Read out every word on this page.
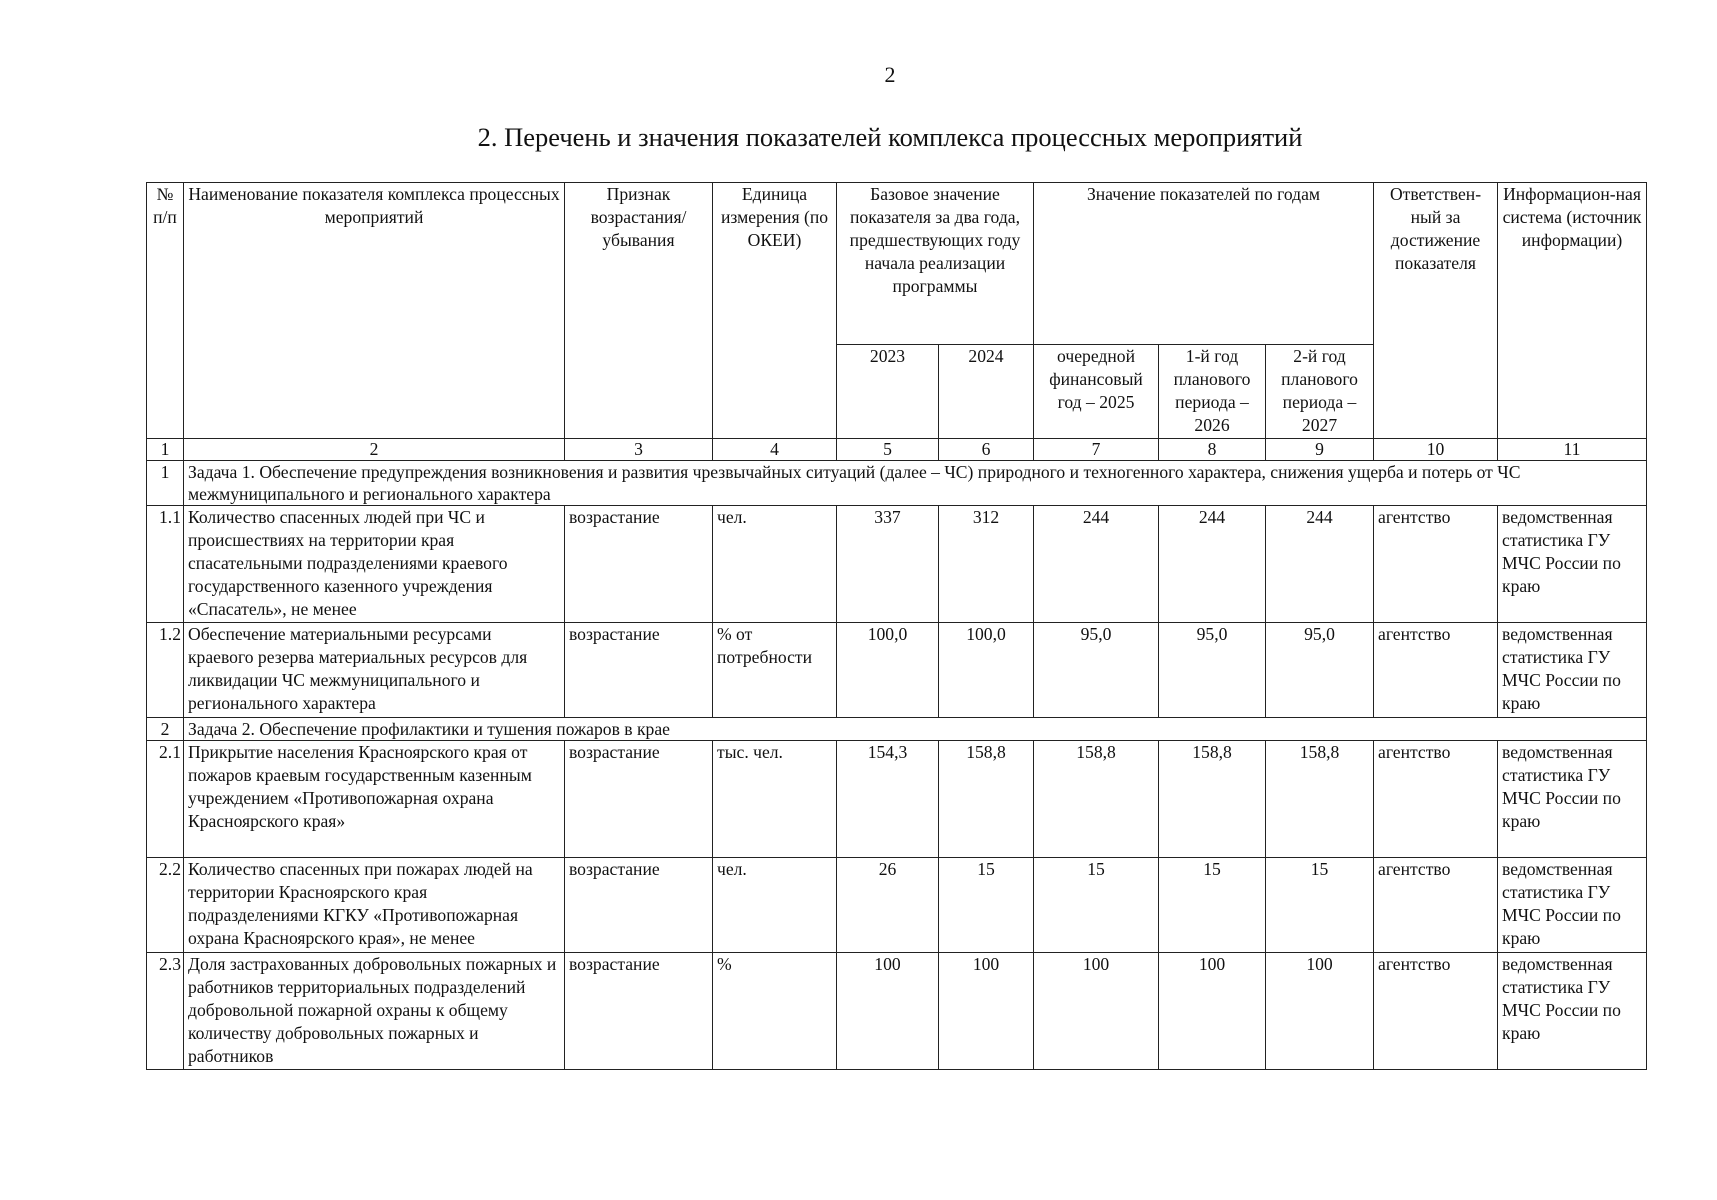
2
2. Перечень и значения показателей комплекса процессных мероприятий
№ п/п	Наименование показателя комплекса процессных мероприятий	Признак возрастания/ убывания	Единица измерения (по ОКЕИ)	Базовое значение показателя за два года, предшествующих году начала реализации программы		Значение показателей по годам			Ответствен-ный за достижение показателя	Информацион-ная система (источник информации)
				2023	2024	очередной финансовый год – 2025	1-й год планового периода – 2026	2-й год планового периода – 2027		
1	2	3	4	5	6	7	8	9	10	11
1	Задача 1. Обеспечение предупреждения возникновения и развития чрезвычайных ситуаций (далее – ЧС) природного и техногенного характера, снижения ущерба и потерь от ЧС межмуниципального и регионального характера									
1.1	Количество спасенных людей при ЧС и происшествиях на территории края спасательными подразделениями краевого государственного казенного учреждения «Спасатель», не менее	возрастание	чел.	337	312	244	244	244	агентство	ведомственная статистика ГУ МЧС России по краю
1.2	Обеспечение материальными ресурсами краевого резерва материальных ресурсов для ликвидации ЧС межмуниципального и регионального характера	возрастание	% от потребности	100,0	100,0	95,0	95,0	95,0	агентство	ведомственная статистика ГУ МЧС России по краю
2	Задача 2. Обеспечение профилактики и тушения пожаров в крае									
2.1	Прикрытие населения Красноярского края от пожаров краевым государственным казенным учреждением «Противопожарная охрана Красноярского края»	возрастание	тыс. чел.	154,3	158,8	158,8	158,8	158,8	агентство	ведомственная статистика ГУ МЧС России по краю
2.2	Количество спасенных при пожарах людей на территории Красноярского края подразделениями КГКУ «Противопожарная охрана Красноярского края», не менее	возрастание	чел.	26	15	15	15	15	агентство	ведомственная статистика ГУ МЧС России по краю
2.3	Доля застрахованных добровольных пожарных и работников территориальных подразделений добровольной пожарной охраны к общему количеству добровольных пожарных и работников	возрастание	%	100	100	100	100	100	агентство	ведомственная статистика ГУ МЧС России по краю
